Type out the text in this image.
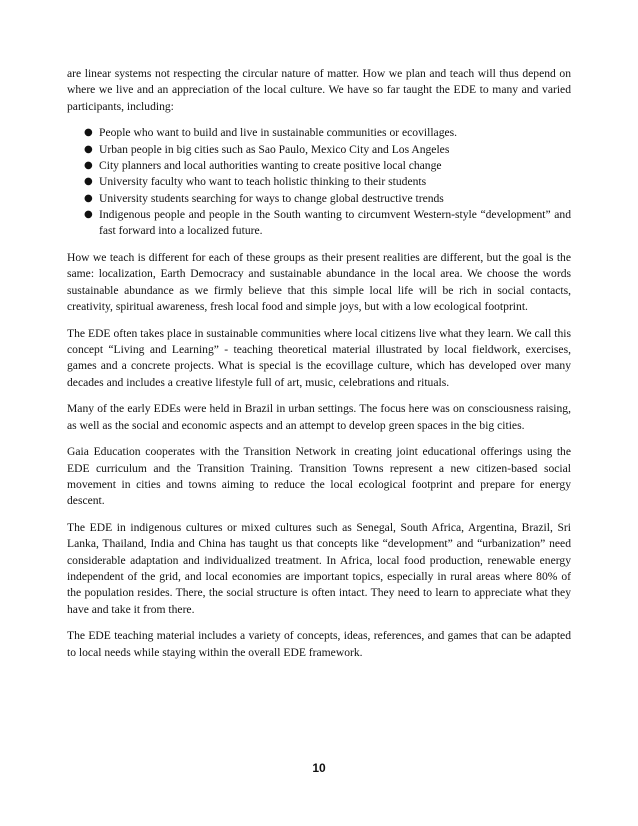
are linear systems not respecting the circular nature of matter. How we plan and teach will thus depend on where we live and an appreciation of the local culture. We have so far taught the EDE to many and varied participants, including:

● People who want to build and live in sustainable communities or ecovillages.
● Urban people in big cities such as Sao Paulo, Mexico City and Los Angeles
● City planners and local authorities wanting to create positive local change
● University faculty who want to teach holistic thinking to their students
● University students searching for ways to change global destructive trends
● Indigenous people and people in the South wanting to circumvent Western-style “development” and fast forward into a localized future.

How we teach is different for each of these groups as their present realities are different, but the goal is the same: localization, Earth Democracy and sustainable abundance in the local area. We choose the words sustainable abundance as we firmly believe that this simple local life will be rich in social contacts, creativity, spiritual awareness, fresh local food and simple joys, but with a low ecological footprint.

The EDE often takes place in sustainable communities where local citizens live what they learn. We call this concept “Living and Learning” - teaching theoretical material illustrated by local fieldwork, exercises, games and a concrete projects. What is special is the ecovillage culture, which has developed over many decades and includes a creative lifestyle full of art, music, celebrations and rituals.

Many of the early EDEs were held in Brazil in urban settings. The focus here was on consciousness raising, as well as the social and economic aspects and an attempt to develop green spaces in the big cities.

Gaia Education cooperates with the Transition Network in creating joint educational offerings using the EDE curriculum and the Transition Training. Transition Towns represent a new citizen-based social movement in cities and towns aiming to reduce the local ecological footprint and prepare for energy descent.

The EDE in indigenous cultures or mixed cultures such as Senegal, South Africa, Argentina, Brazil, Sri Lanka, Thailand, India and China has taught us that concepts like “development” and “urbanization” need considerable adaptation and individualized treatment. In Africa, local food production, renewable energy independent of the grid, and local economies are important topics, especially in rural areas where 80% of the population resides. There, the social structure is often intact. They need to learn to appreciate what they have and take it from there.

The EDE teaching material includes a variety of concepts, ideas, references, and games that can be adapted to local needs while staying within the overall EDE framework.

10
